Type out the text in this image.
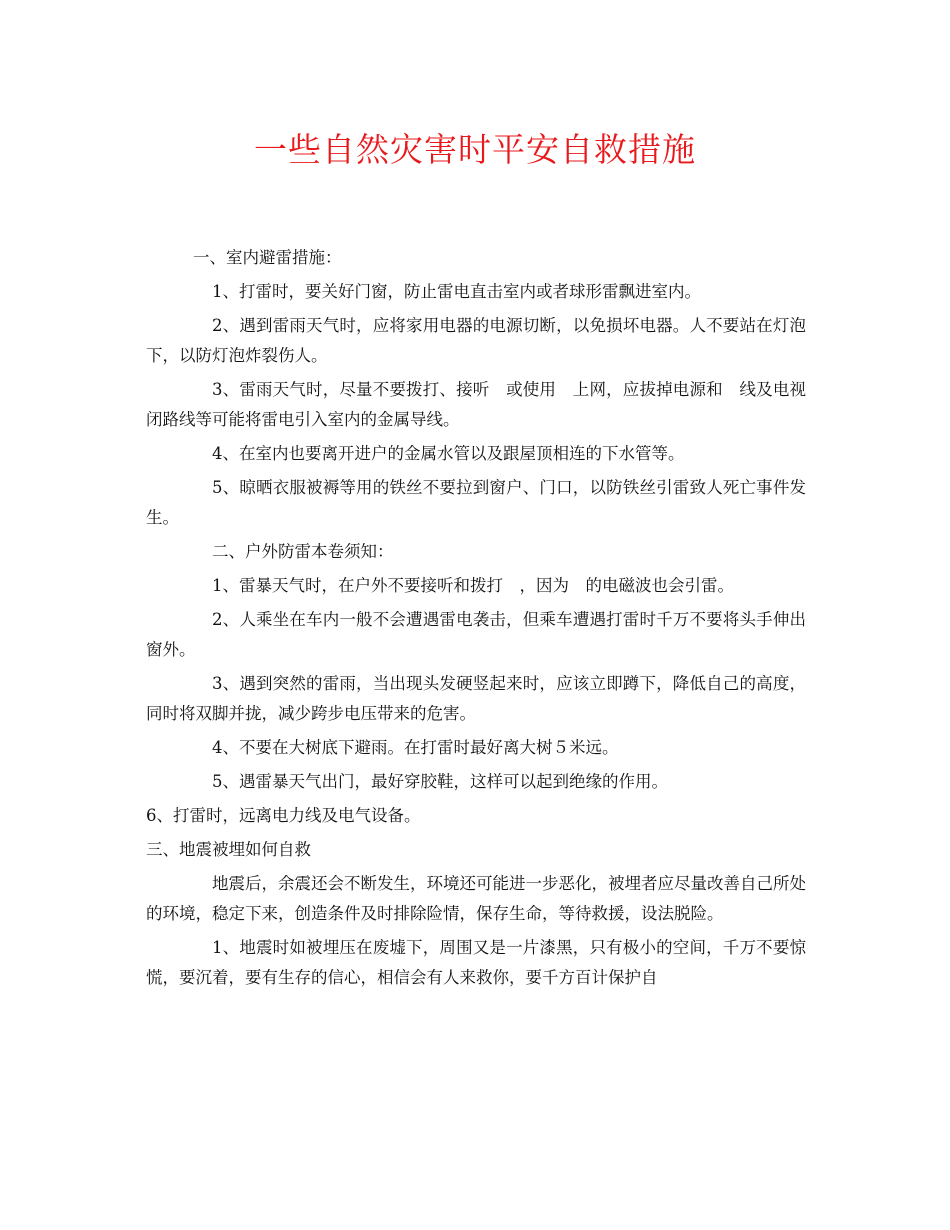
一些自然灾害时平安自救措施

一、室内避雷措施：

1、打雷时，要关好门窗，防止雷电直击室内或者球形雷飘进室内。

2、遇到雷雨天气时，应将家用电器的电源切断，以免损坏电器。人不要站在灯泡下，以防灯泡炸裂伤人。

3、雷雨天气时，尽量不要拨打、接听　或使用　上网，应拔掉电源和　线及电视闭路线等可能将雷电引入室内的金属导线。

4、在室内也要离开进户的金属水管以及跟屋顶相连的下水管等。

5、晾晒衣服被褥等用的铁丝不要拉到窗户、门口，以防铁丝引雷致人死亡事件发生。

二、户外防雷本卷须知：

1、雷暴天气时，在户外不要接听和拨打　，因为　的电磁波也会引雷。

2、人乘坐在车内一般不会遭遇雷电袭击，但乘车遭遇打雷时千万不要将头手伸出窗外。

3、遇到突然的雷雨，当出现头发硬竖起来时，应该立即蹲下，降低自己的高度，同时将双脚并拢，减少跨步电压带来的危害。

4、不要在大树底下避雨。在打雷时最好离大树５米远。

5、遇雷暴天气出门，最好穿胶鞋，这样可以起到绝缘的作用。

6、打雷时，远离电力线及电气设备。

三、地震被埋如何自救

地震后，余震还会不断发生，环境还可能进一步恶化，被埋者应尽量改善自己所处的环境，稳定下来，创造条件及时排除险情，保存生命，等待救援，设法脱险。

1、地震时如被埋压在废墟下，周围又是一片漆黑，只有极小的空间，千万不要惊慌，要沉着，要有生存的信心，相信会有人来救你，要千方百计保护自
